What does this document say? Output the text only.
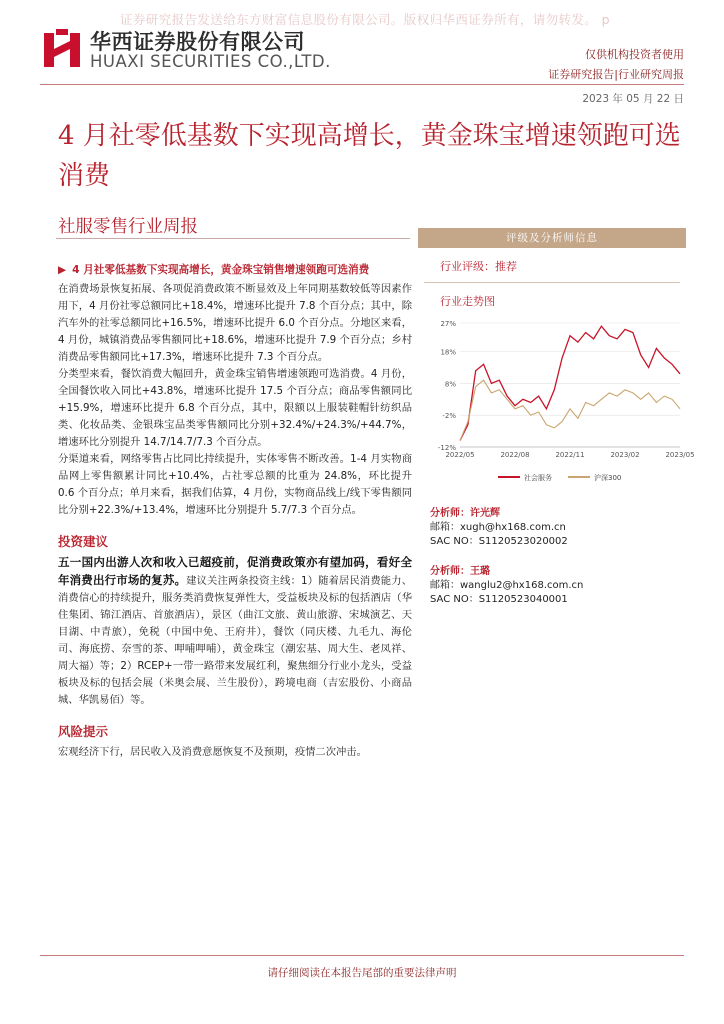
证券研究报告发送给东方财富信息股份有限公司。版权归华西证券所有，请勿转发。 p
华西证券股份有限公司
HUAXI SECURITIES CO.,LTD.	仅供机构投资者使用
证券研究报告|行业研究周报
2023 年 05 月 22 日
4 月社零低基数下实现高增长，黄金珠宝增速领跑可选消费
社服零售行业周报
▶ 4 月社零低基数下实现高增长，黄金珠宝销售增速领跑可选消费

在消费场景恢复拓展、各项促消费政策不断显效及上年同期基数较低等因素作用下，4 月份社零总额同比+18.4%，增速环比提升 7.8 个百分点；其中，除汽车外的社零总额同比+16.5%，增速环比提升 6.0 个百分点。分地区来看，4 月份，城镇消费品零售额同比+18.6%，增速环比提升 7.9 个百分点；乡村消费品零售额同比+17.3%，增速环比提升 7.3 个百分点。

分类型来看，餐饮消费大幅回升，黄金珠宝销售增速领跑可选消费。4 月份，全国餐饮收入同比+43.8%，增速环比提升 17.5 个百分点；商品零售额同比+15.9%，增速环比提升 6.8 个百分点，其中，限额以上服装鞋帽针纺织品类、化妆品类、金银珠宝品类零售额同比分别+32.4%/+24.3%/+44.7%，增速环比分别提升 14.7/14.7/7.3 个百分点。

分渠道来看，网络零售占比同比持续提升，实体零售不断改善。1-4 月实物商品网上零售额累计同比+10.4%，占社零总额的比重为 24.8%，环比提升 0.6 个百分点；单月来看，据我们估算，4 月份，实物商品线上/线下零售额同比分别+22.3%/+13.4%，增速环比分别提升 5.7/7.3 个百分点。

投资建议

五一国内出游人次和收入已超疫前，促消费政策亦有望加码，看好全年消费出行市场的复苏。建议关注两条投资主线：1）随着居民消费能力、消费信心的持续提升，服务类消费恢复弹性大，受益板块及标的包括酒店（华住集团、锦江酒店、首旅酒店），景区（曲江文旅、黄山旅游、宋城演艺、天目湖、中青旅），免税（中国中免、王府井），餐饮（同庆楼、九毛九、海伦司、海底捞、奈雪的茶、呷哺呷哺），黄金珠宝（潮宏基、周大生、老凤祥、周大福）等；2）RCEP+一带一路带来发展红利，聚焦细分行业小龙头，受益板块及标的包括会展（米奥会展、兰生股份），跨境电商（吉宏股份、小商品城、华凯易佰）等。

风险提示

宏观经济下行，居民收入及消费意愿恢复不及预期，疫情二次冲击。

评级及分析师信息
行业评级：推荐
行业走势图
27%
18%
8%
-2%
-12%
2022/05	2022/08	2022/11	2023/02	2023/05
社会服务	沪深300
分析师：许光辉
邮箱：xugh@hx168.com.cn
SAC NO：S1120523020002
分析师：王璐
邮箱：wanglu2@hx168.com.cn
SAC NO：S1120523040001
请仔细阅读在本报告尾部的重要法律声明
